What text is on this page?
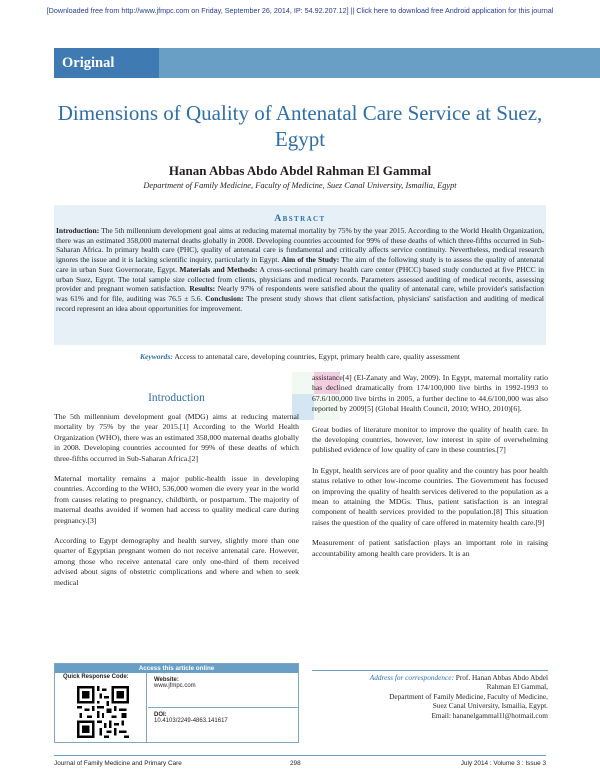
[Downloaded free from http://www.jfmpc.com on Friday, September 26, 2014, IP: 54.92.207.12] || Click here to download free Android application for this journal
Original Article
Dimensions of Quality of Antenatal Care Service at Suez, Egypt
Hanan Abbas Abdo Abdel Rahman El Gammal
Department of Family Medicine, Faculty of Medicine, Suez Canal University, Ismailia, Egypt
Abstract
Introduction: The 5th millennium development goal aims at reducing maternal mortality by 75% by the year 2015. According to the World Health Organization, there was an estimated 358,000 maternal deaths globally in 2008. Developing countries accounted for 99% of these deaths of which three-fifths occurred in Sub-Saharan Africa. In primary health care (PHC), quality of antenatal care is fundamental and critically affects service continuity. Nevertheless, medical research ignores the issue and it is lacking scientific inquiry, particularly in Egypt. Aim of the Study: The aim of the following study is to assess the quality of antenatal care in urban Suez Governorate, Egypt. Materials and Methods: A cross-sectional primary health care center (PHCC) based study conducted at five PHCC in urban Suez, Egypt. The total sample size collected from clients, physicians and medical records. Parameters assessed auditing of medical records, assessing provider and pregnant women satisfaction. Results: Nearly 97% of respondents were satisfied about the quality of antenatal care, while provider's satisfaction was 61% and for file, auditing was 76.5 ± 5.6. Conclusion: The present study shows that client satisfaction, physicians' satisfaction and auditing of medical record represent an idea about opportunities for improvement.
Keywords: Access to antenatal care, developing countries, Egypt, primary health care, quality assessment
Introduction

The 5th millennium development goal (MDG) aims at reducing maternal mortality by 75% by the year 2015.[1] According to the World Health Organization (WHO), there was an estimated 358,000 maternal deaths globally in 2008. Developing countries accounted for 99% of these deaths of which three-fifths occurred in Sub-Saharan Africa.[2]

Maternal mortality remains a major public-health issue in developing countries. According to the WHO, 536,000 women die every year in the world from causes relating to pregnancy, childbirth, or postpartum. The majority of maternal deaths avoided if women had access to quality medical care during pregnancy.[3]

According to Egypt demography and health survey, slightly more than one quarter of Egyptian pregnant women do not receive antenatal care. However, among those who receive antenatal care only one-third of them received advised about signs of obstetric complications and where and when to seek medical

assistance[4] (El-Zanaty and Way, 2009). In Egypt, maternal mortality ratio has declined dramatically from 174/100,000 live births in 1992-1993 to 67.6/100,000 live births in 2005, a further decline to 44.6/100,000 was also reported by 2009[5] (Global Health Council, 2010; WHO, 2010)[6].

Great bodies of literature monitor to improve the quality of health care. In the developing countries, however, low interest in spite of overwhelming published evidence of low quality of care in these countries.[7]

In Egypt, health services are of poor quality and the country has poor health status relative to other low-income countries. The Government has focused on improving the quality of health services delivered to the population as a mean to attaining the MDGs. Thus, patient satisfaction is an integral component of health services provided to the population.[8] This situation raises the question of the quality of care offered in maternity health care.[9]

Measurement of patient satisfaction plays an important role in raising accountability among health care providers. It is an

Access this article online
Quick Response Code:	Website:
www.jfmpc.com
DOI:
10.4103/2249-4863.141617
Address for correspondence: Prof. Hanan Abbas Abdo Abdel
Rahman El Gammal,
Department of Family Medicine, Faculty of Medicine,
Suez Canal University, Ismailia, Egypt.
Email: hananelgammal1l@hotmail.com
Journal of Family Medicine and Primary Care	298	July 2014 : Volume 3 : Issue 3
